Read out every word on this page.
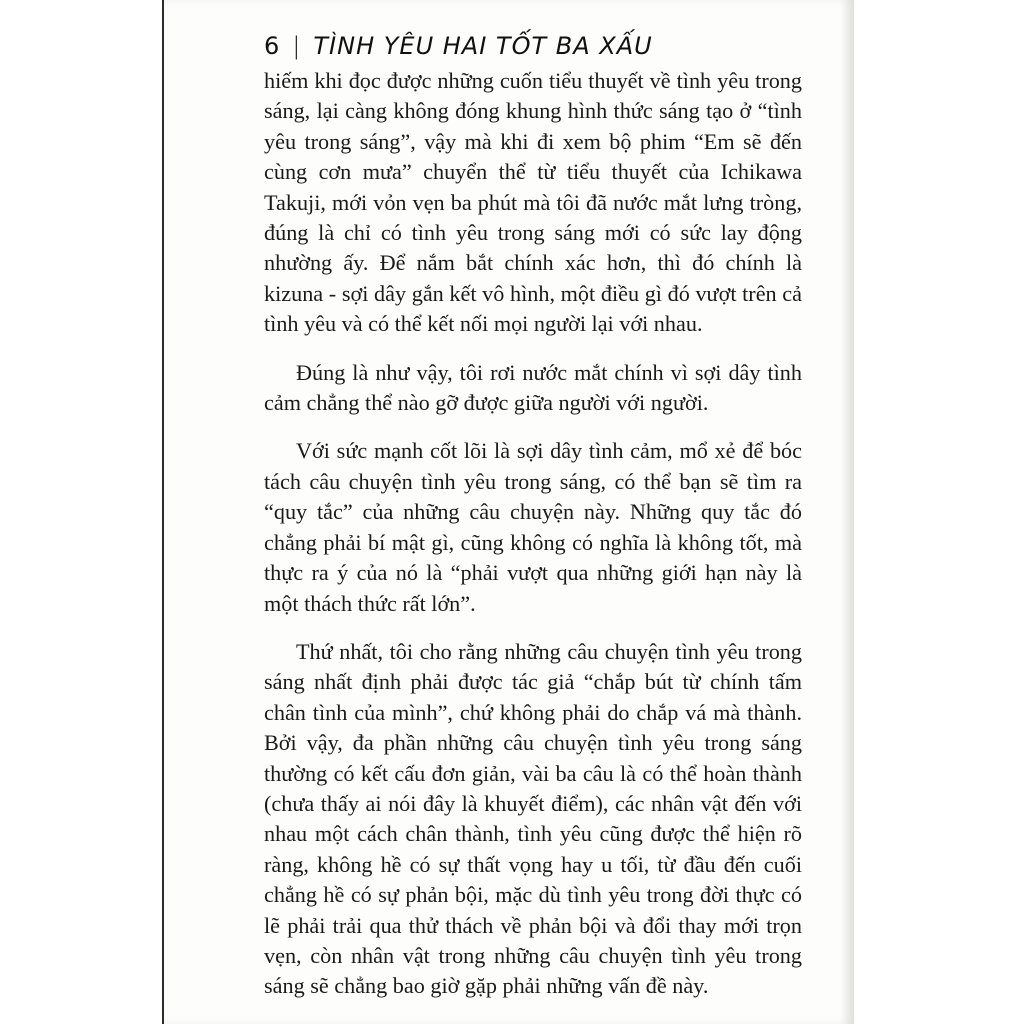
6 | TÌNH YÊU HAI TỐT BA XẤU

hiếm khi đọc được những cuốn tiểu thuyết về tình yêu trong sáng, lại càng không đóng khung hình thức sáng tạo ở “tình yêu trong sáng”, vậy mà khi đi xem bộ phim “Em sẽ đến cùng cơn mưa” chuyển thể từ tiểu thuyết của Ichikawa Takuji, mới vỏn vẹn ba phút mà tôi đã nước mắt lưng tròng, đúng là chỉ có tình yêu trong sáng mới có sức lay động nhường ấy. Để nắm bắt chính xác hơn, thì đó chính là kizuna - sợi dây gắn kết vô hình, một điều gì đó vượt trên cả tình yêu và có thể kết nối mọi người lại với nhau.

Đúng là như vậy, tôi rơi nước mắt chính vì sợi dây tình cảm chẳng thể nào gỡ được giữa người với người.

Với sức mạnh cốt lõi là sợi dây tình cảm, mổ xẻ để bóc tách câu chuyện tình yêu trong sáng, có thể bạn sẽ tìm ra “quy tắc” của những câu chuyện này. Những quy tắc đó chẳng phải bí mật gì, cũng không có nghĩa là không tốt, mà thực ra ý của nó là “phải vượt qua những giới hạn này là một thách thức rất lớn”.

Thứ nhất, tôi cho rằng những câu chuyện tình yêu trong sáng nhất định phải được tác giả “chắp bút từ chính tấm chân tình của mình”, chứ không phải do chắp vá mà thành. Bởi vậy, đa phần những câu chuyện tình yêu trong sáng thường có kết cấu đơn giản, vài ba câu là có thể hoàn thành (chưa thấy ai nói đây là khuyết điểm), các nhân vật đến với nhau một cách chân thành, tình yêu cũng được thể hiện rõ ràng, không hề có sự thất vọng hay u tối, từ đầu đến cuối chẳng hề có sự phản bội, mặc dù tình yêu trong đời thực có lẽ phải trải qua thử thách về phản bội và đổi thay mới trọn vẹn, còn nhân vật trong những câu chuyện tình yêu trong sáng sẽ chẳng bao giờ gặp phải những vấn đề này.
